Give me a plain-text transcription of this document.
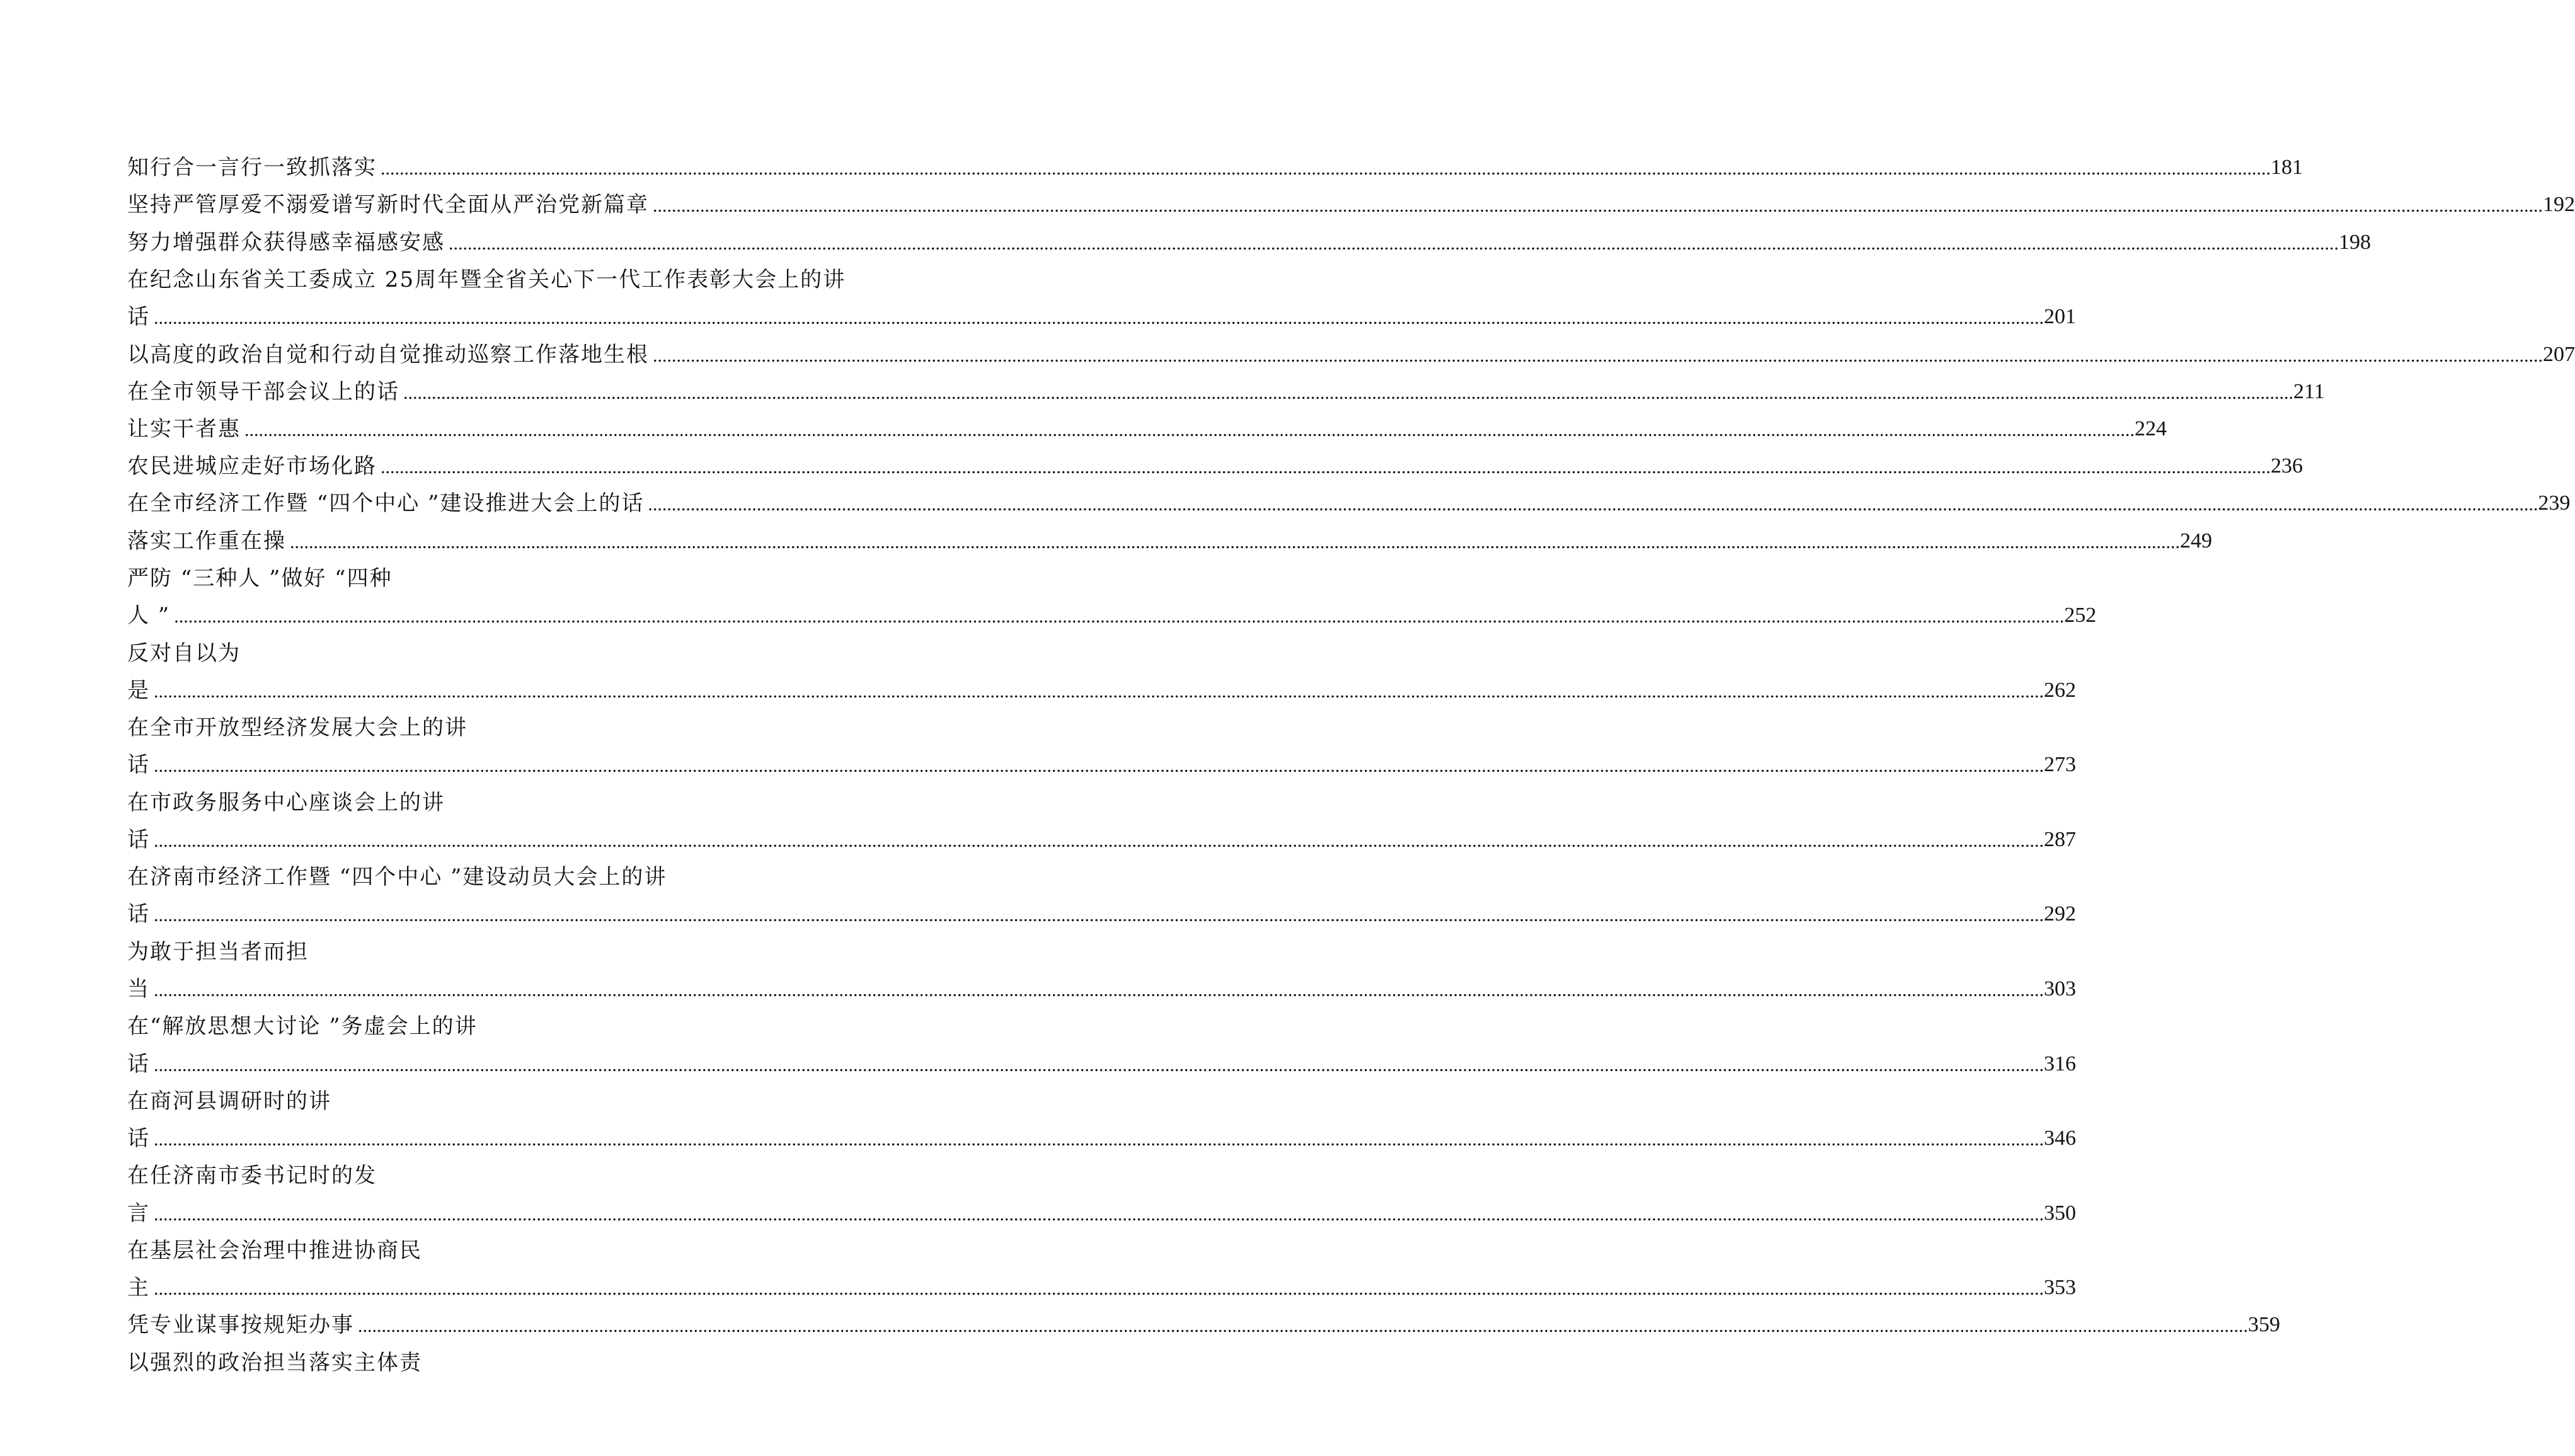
知行合一言行一致抓落实 ................................................................................................................................................................................................................................................................................................................................................................................................................ 181
坚持严管厚爱不溺爱谱写新时代全面从严治党新篇章 ................................................................................................................................................................................................................................................................................................................................................................................................................ 192
努力增强群众获得感幸福感安感 ................................................................................................................................................................................................................................................................................................................................................................................................................ 198
在纪念山东省关工委成立 25周年暨全省关心下一代工作表彰大会上的讲
话 ................................................................................................................................................................................................................................................................................................................................................................................................................ 201
以高度的政治自觉和行动自觉推动巡察工作落地生根 ................................................................................................................................................................................................................................................................................................................................................................................................................ 207
在全市领导干部会议上的话 ................................................................................................................................................................................................................................................................................................................................................................................................................ 211
让实干者惠 ................................................................................................................................................................................................................................................................................................................................................................................................................ 224
农民进城应走好市场化路 ................................................................................................................................................................................................................................................................................................................................................................................................................ 236
在全市经济工作暨 “四个中心 ”建设推进大会上的话 ................................................................................................................................................................................................................................................................................................................................................................................................................ 239
落实工作重在操 ................................................................................................................................................................................................................................................................................................................................................................................................................ 249
严防 “三种人 ”做好 “四种
人 ” ................................................................................................................................................................................................................................................................................................................................................................................................................ 252
反对自以为
是 ................................................................................................................................................................................................................................................................................................................................................................................................................ 262
在全市开放型经济发展大会上的讲
话 ................................................................................................................................................................................................................................................................................................................................................................................................................ 273
在市政务服务中心座谈会上的讲
话 ................................................................................................................................................................................................................................................................................................................................................................................................................ 287
在济南市经济工作暨 “四个中心 ”建设动员大会上的讲
话 ................................................................................................................................................................................................................................................................................................................................................................................................................ 292
为敢于担当者而担
当 ................................................................................................................................................................................................................................................................................................................................................................................................................ 303
在“解放思想大讨论 ”务虚会上的讲
话 ................................................................................................................................................................................................................................................................................................................................................................................................................ 316
在商河县调研时的讲
话 ................................................................................................................................................................................................................................................................................................................................................................................................................ 346
在任济南市委书记时的发
言 ................................................................................................................................................................................................................................................................................................................................................................................................................ 350
在基层社会治理中推进协商民
主 ................................................................................................................................................................................................................................................................................................................................................................................................................ 353
凭专业谋事按规矩办事 ................................................................................................................................................................................................................................................................................................................................................................................................................ 359
以强烈的政治担当落实主体责
